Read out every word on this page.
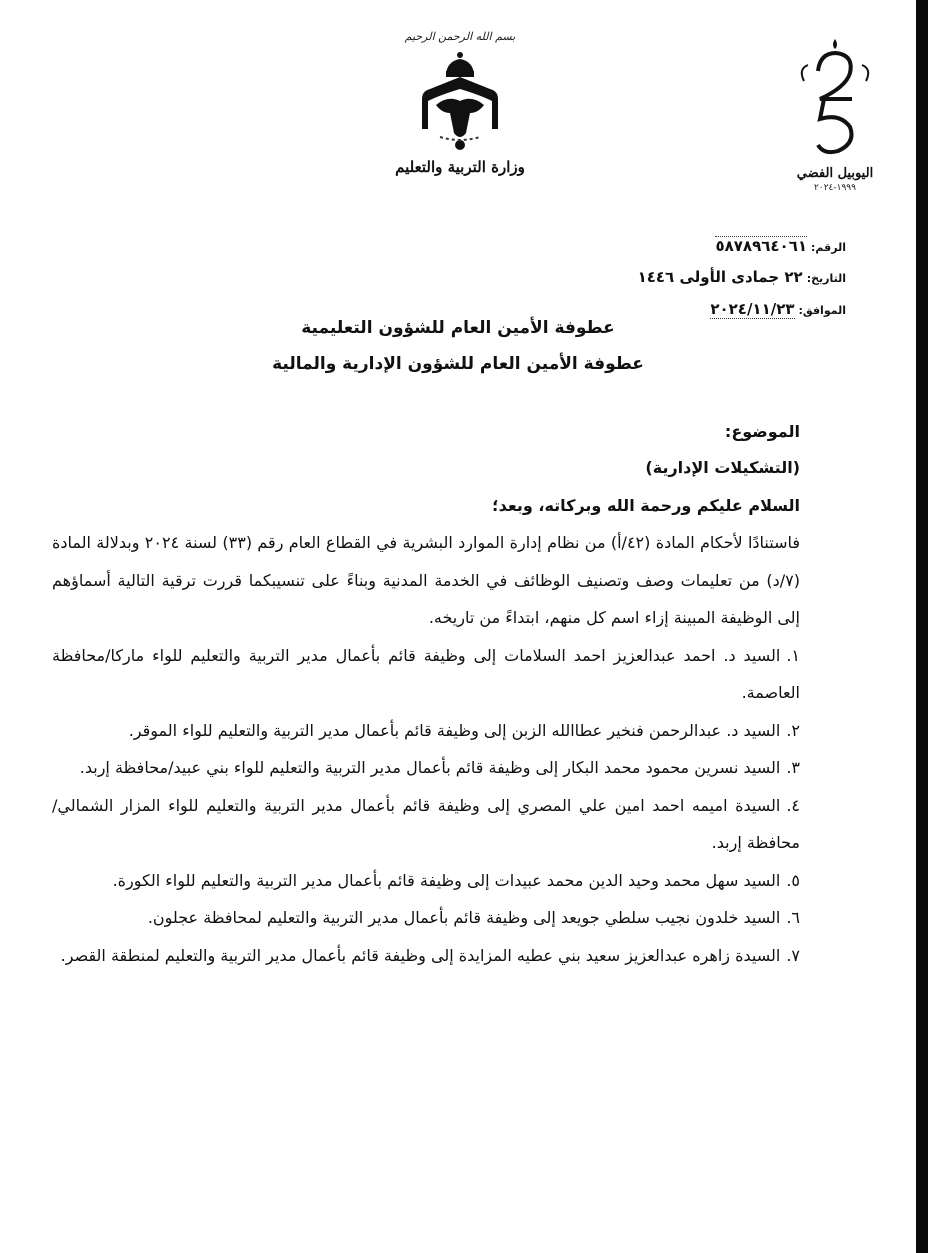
بسم الله الرحمن الرحيم
وزارة التربية والتعليم	اليوبيل الفضي
١٩٩٩-٢٠٢٤
الرقم:
٥٨٧٨٩٦٤٠٦١
التاريخ:
٢٢ جمادى الأولى ١٤٤٦
الموافق:
٢٠٢٤/١١/٢٣
عطوفة الأمين العام للشؤون التعليمية
عطوفة الأمين العام للشؤون الإدارية والمالية
الموضوع:
(التشكيلات الإدارية)
السلام عليكم ورحمة الله وبركاته، وبعد؛
فاستنادًا لأحكام المادة (٤٢/أ) من نظام إدارة الموارد البشرية في القطاع العام رقم (٣٣) لسنة ٢٠٢٤ وبدلالة المادة (٧/د) من تعليمات وصف وتصنيف الوظائف في الخدمة المدنية وبناءً على تنسيبكما قررت ترقية التالية أسماؤهم إلى الوظيفة المبينة إزاء اسم كل منهم، ابتداءً من تاريخه.
١.السيد د. احمد عبدالعزيز احمد السلامات إلى وظيفة قائم بأعمال مدير التربية والتعليم للواء ماركا/محافظة العاصمة.
٢.السيد د. عبدالرحمن فنخير عطاالله الزبن إلى وظيفة قائم بأعمال مدير التربية والتعليم للواء الموقر.
٣.السيد نسرين محمود محمد البكار إلى وظيفة قائم بأعمال مدير التربية والتعليم للواء بني عبيد/محافظة إربد.
٤.السيدة اميمه احمد امين علي المصري إلى وظيفة قائم بأعمال مدير التربية والتعليم للواء المزار الشمالي/محافظة إربد.
٥.السيد سهل محمد وحيد الدين محمد عبيدات إلى وظيفة قائم بأعمال مدير التربية والتعليم للواء الكورة.
٦.السيد خلدون نجيب سلطي جويعد إلى وظيفة قائم بأعمال مدير التربية والتعليم لمحافظة عجلون.
٧.السيدة زاهره عبدالعزيز سعيد بني عطيه المزايدة إلى وظيفة قائم بأعمال مدير التربية والتعليم لمنطقة القصر.
